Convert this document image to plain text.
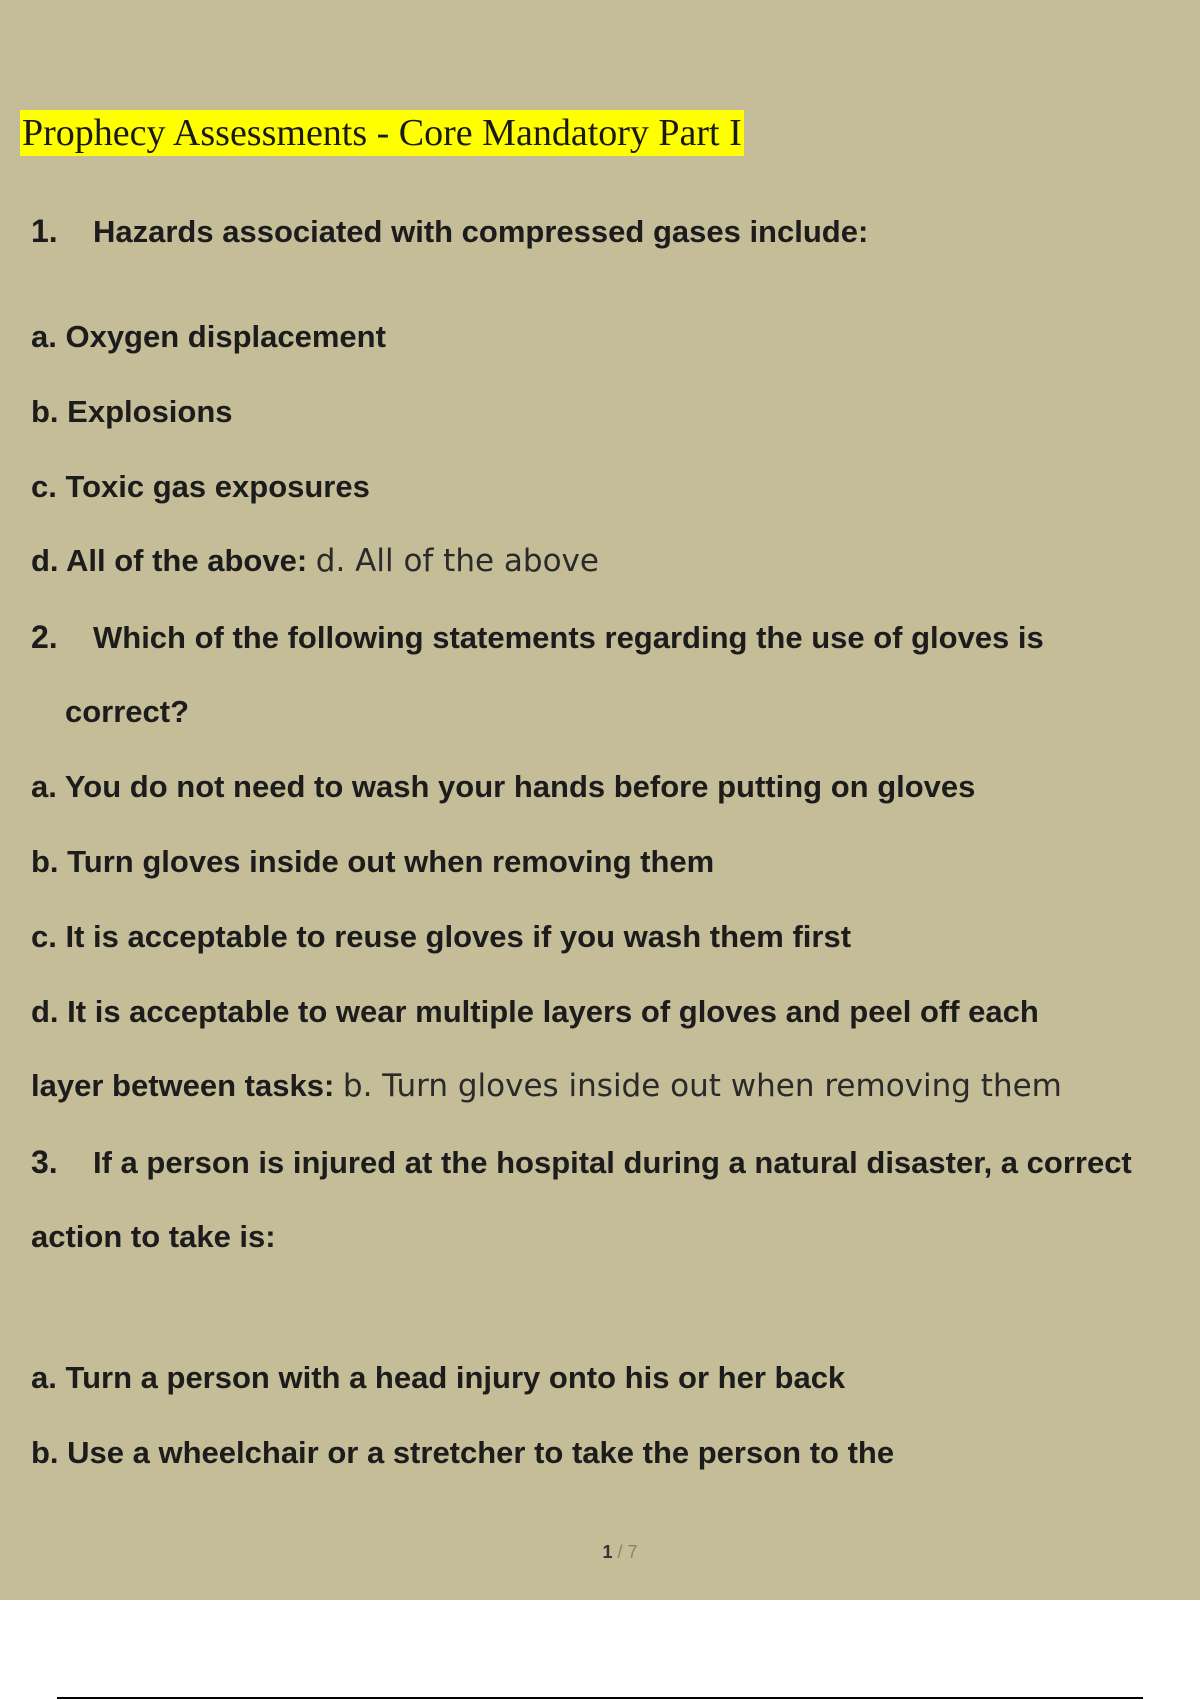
Prophecy Assessments - Core Mandatory Part I
1. Hazards associated with compressed gases include:
a. Oxygen displacement
b. Explosions
c. Toxic gas exposures
d. All of the above: d. All of the above
2. Which of the following statements regarding the use of gloves is
correct?
a. You do not need to wash your hands before putting on gloves
b. Turn gloves inside out when removing them
c. It is acceptable to reuse gloves if you wash them first
d. It is acceptable to wear multiple layers of gloves and peel off each
layer between tasks: b. Turn gloves inside out when removing them
3. If a person is injured at the hospital during a natural disaster, a correct
action to take is:
a. Turn a person with a head injury onto his or her back
b. Use a wheelchair or a stretcher to take the person to the
1 / 7
